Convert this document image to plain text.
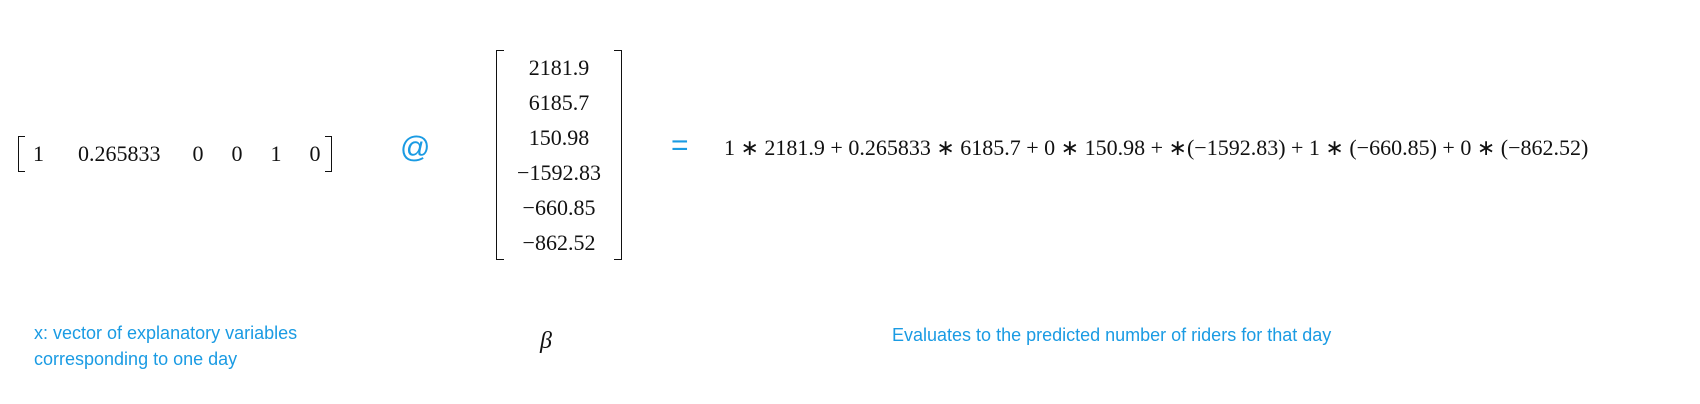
1 0.265833 0 0 1 0	@
2181.9
6185.7
150.98
−1592.83
−660.85
−862.52
= 1 ∗ 2181.9 + 0.265833 ∗ 6185.7 + 0 ∗ 150.98 + ∗(−1592.83) + 1 ∗ (−660.85) + 0 ∗ (−862.52)
x: vector of explanatory variables
corresponding to one day
β	Evaluates to the predicted number of riders for that day
